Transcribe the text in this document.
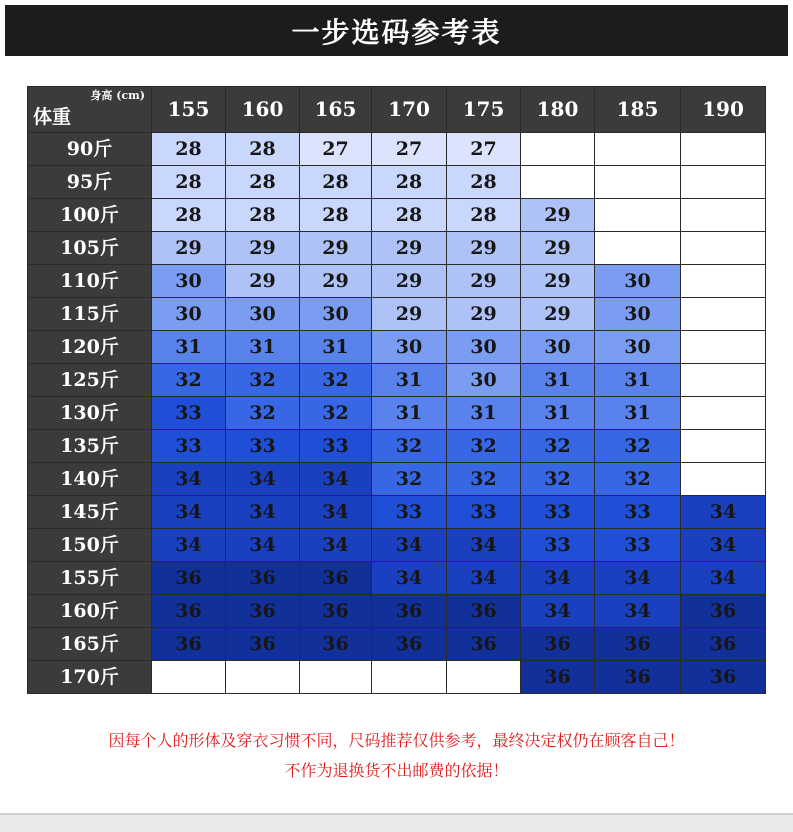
一步选码参考表
身高 (cm)
体重	155	160	165	170	175	180	185	190
90斤	28	28	27	27	27			
95斤	28	28	28	28	28			
100斤	28	28	28	28	28	29		
105斤	29	29	29	29	29	29		
110斤	30	29	29	29	29	29	30	
115斤	30	30	30	29	29	29	30	
120斤	31	31	31	30	30	30	30	
125斤	32	32	32	31	30	31	31	
130斤	33	32	32	31	31	31	31	
135斤	33	33	33	32	32	32	32	
140斤	34	34	34	32	32	32	32	
145斤	34	34	34	33	33	33	33	34
150斤	34	34	34	34	34	33	33	34
155斤	36	36	36	34	34	34	34	34
160斤	36	36	36	36	36	34	34	36
165斤	36	36	36	36	36	36	36	36
170斤						36	36	36
因每个人的形体及穿衣习惯不同，尺码推荐仅供参考，最终决定权仍在顾客自己！
不作为退换货不出邮费的依据！
